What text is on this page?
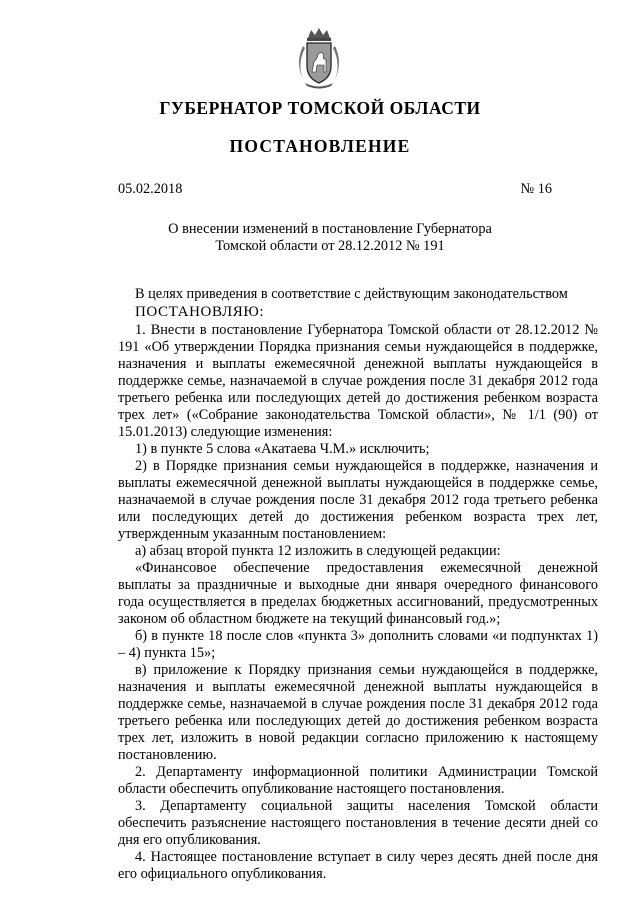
ГУБЕРНАТОР ТОМСКОЙ ОБЛАСТИ
ПОСТАНОВЛЕНИЕ
05.02.2018	№ 16
О внесении изменений в постановление Губернатора
Томской области от 28.12.2012 № 191

В целях приведения в соответствие с действующим законодательством

ПОСТАНОВЛЯЮ:

1. Внести в постановление Губернатора Томской области от 28.12.2012 № 191 «Об утверждении Порядка признания семьи нуждающейся в поддержке, назначения и выплаты ежемесячной денежной выплаты нуждающейся в поддержке семье, назначаемой в случае рождения после 31 декабря 2012 года третьего ребенка или последующих детей до достижения ребенком возраста трех лет» («Собрание законодательства Томской области», № 1/1 (90) от 15.01.2013) следующие изменения:

1) в пункте 5 слова «Акатаева Ч.М.» исключить;

2) в Порядке признания семьи нуждающейся в поддержке, назначения и выплаты ежемесячной денежной выплаты нуждающейся в поддержке семье, назначаемой в случае рождения после 31 декабря 2012 года третьего ребенка или последующих детей до достижения ребенком возраста трех лет, утвержденным указанным постановлением:

а) абзац второй пункта 12 изложить в следующей редакции:

«Финансовое обеспечение предоставления ежемесячной денежной выплаты за праздничные и выходные дни января очередного финансового года осуществляется в пределах бюджетных ассигнований, предусмотренных законом об областном бюджете на текущий финансовый год.»;

б) в пункте 18 после слов «пункта 3» дополнить словами «и подпунктах 1) – 4) пункта 15»;

в) приложение к Порядку признания семьи нуждающейся в поддержке, назначения и выплаты ежемесячной денежной выплаты нуждающейся в поддержке семье, назначаемой в случае рождения после 31 декабря 2012 года третьего ребенка или последующих детей до достижения ребенком возраста трех лет, изложить в новой редакции согласно приложению к настоящему постановлению.

2. Департаменту информационной политики Администрации Томской области обеспечить опубликование настоящего постановления.

3. Департаменту социальной защиты населения Томской области обеспечить разъяснение настоящего постановления в течение десяти дней со дня его опубликования.

4. Настоящее постановление вступает в силу через десять дней после дня его официального опубликования.
